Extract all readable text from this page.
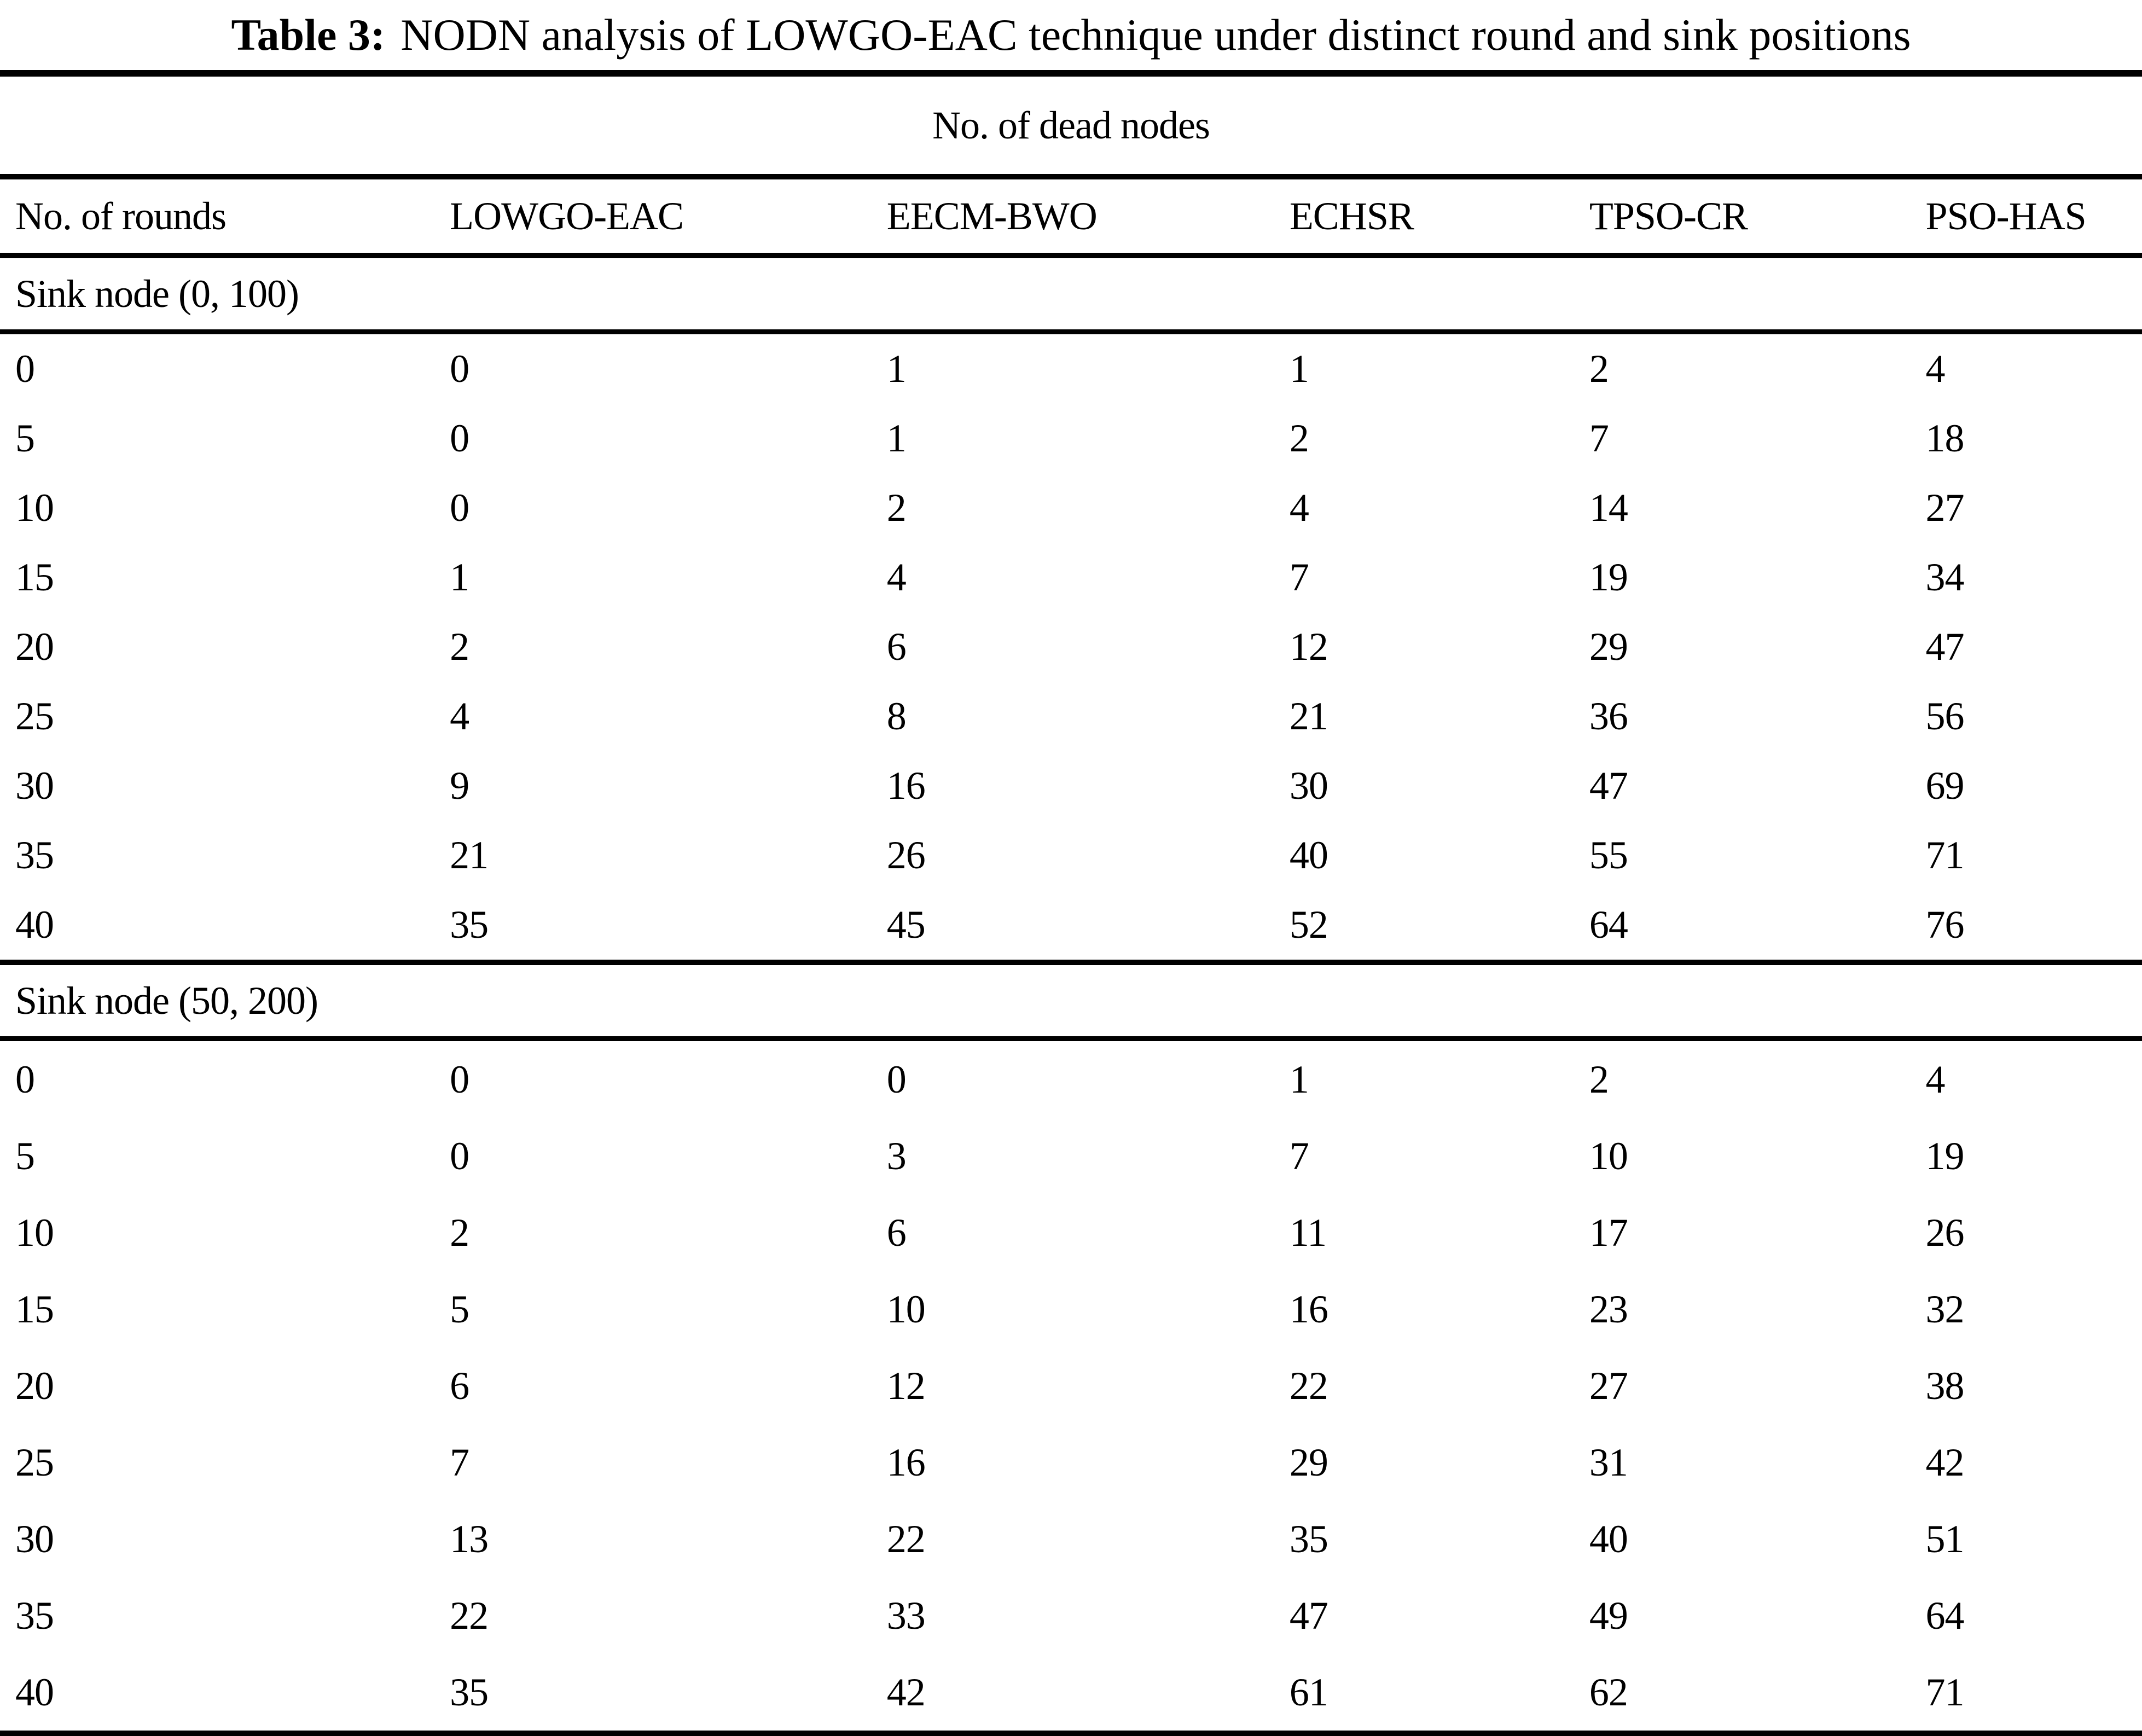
Table 3: NODN analysis of LOWGO-EAC technique under distinct round and sink positions
No. of dead nodes					
No. of rounds	LOWGO-EAC	EECM-BWO	ECHSR	TPSO-CR	PSO-HAS
Sink node (0, 100)					
0	0	1	1	2	4
5	0	1	2	7	18
10	0	2	4	14	27
15	1	4	7	19	34
20	2	6	12	29	47
25	4	8	21	36	56
30	9	16	30	47	69
35	21	26	40	55	71
40	35	45	52	64	76
Sink node (50, 200)					
0	0	0	1	2	4
5	0	3	7	10	19
10	2	6	11	17	26
15	5	10	16	23	32
20	6	12	22	27	38
25	7	16	29	31	42
30	13	22	35	40	51
35	22	33	47	49	64
40	35	42	61	62	71
